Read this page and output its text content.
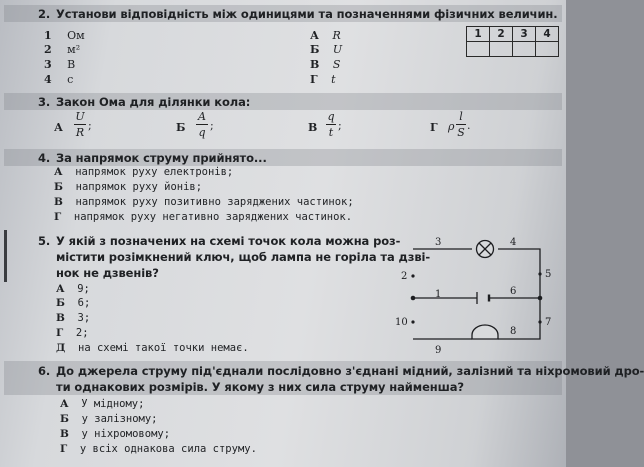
2. Установи відповідність між одиницями та позначеннями фізичних величин.
1 Ом
2 м²
3 В
4 с
А R
Б U
В S
Г t
1	2	3	4

3. Закон Ома для ділянки кола:
А
U
R
;	Б
A
q
;	В
q
t
;	Г ρ
l
S
.
4. За напрямок струму прийнято...
А напрямок руху електронів;
Б напрямок руху йонів;
В напрямок руху позитивно заряджених частинок;
Г напрямок руху негативно заряджених частинок.
5. У якій з позначених на схемі точок кола можна роз-
містити розімкнений ключ, щоб лампа не горіла та дзві-
нок не дзвенів?
А 9;
Б 6;
В 3;
Г 2;
Д на схемі такої точки немає.
1
2
3	4
5
6
7
8
9
10
6. До джерела струму під'єднали послідовно з'єднані мідний, залізний та ніхромовий дро-
ти однакових розмірів. У якому з них сила струму найменша?
А У мідному;
Б у залізному;
В у ніхромовому;
Г у всіх однакова сила струму.
